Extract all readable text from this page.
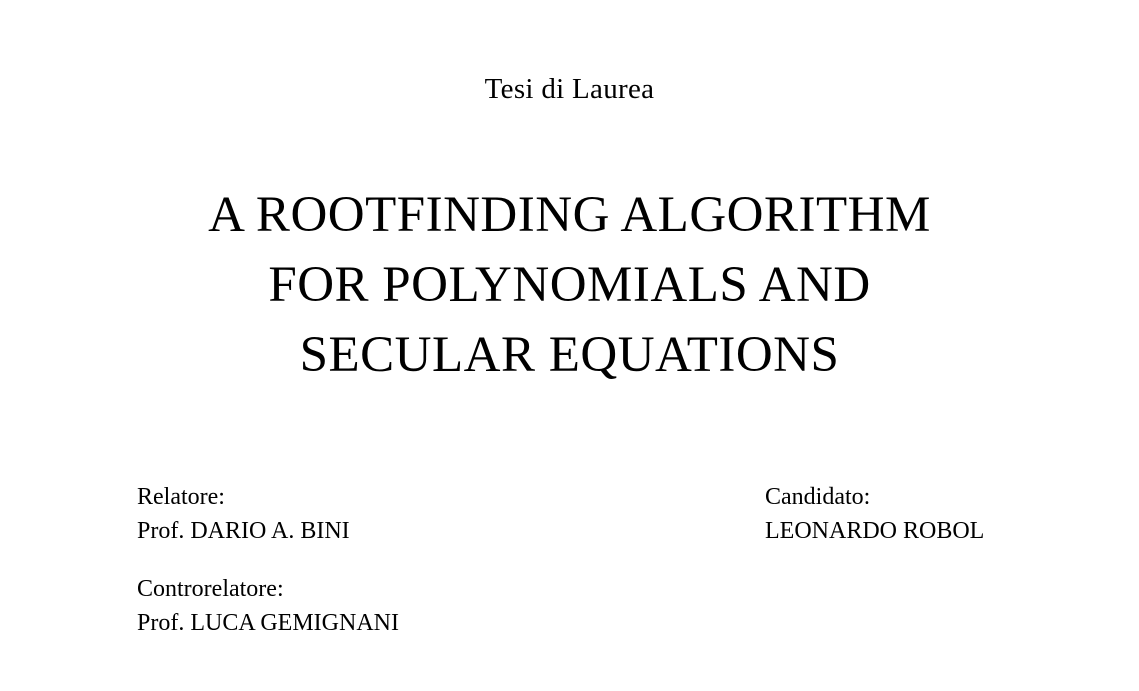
Tesi di Laurea
A ROOTFINDING ALGORITHM
FOR POLYNOMIALS AND
SECULAR EQUATIONS
Relatore:
Prof. DARIO A. BINI
Candidato:
LEONARDO ROBOL
Controrelatore:
Prof. LUCA GEMIGNANI
